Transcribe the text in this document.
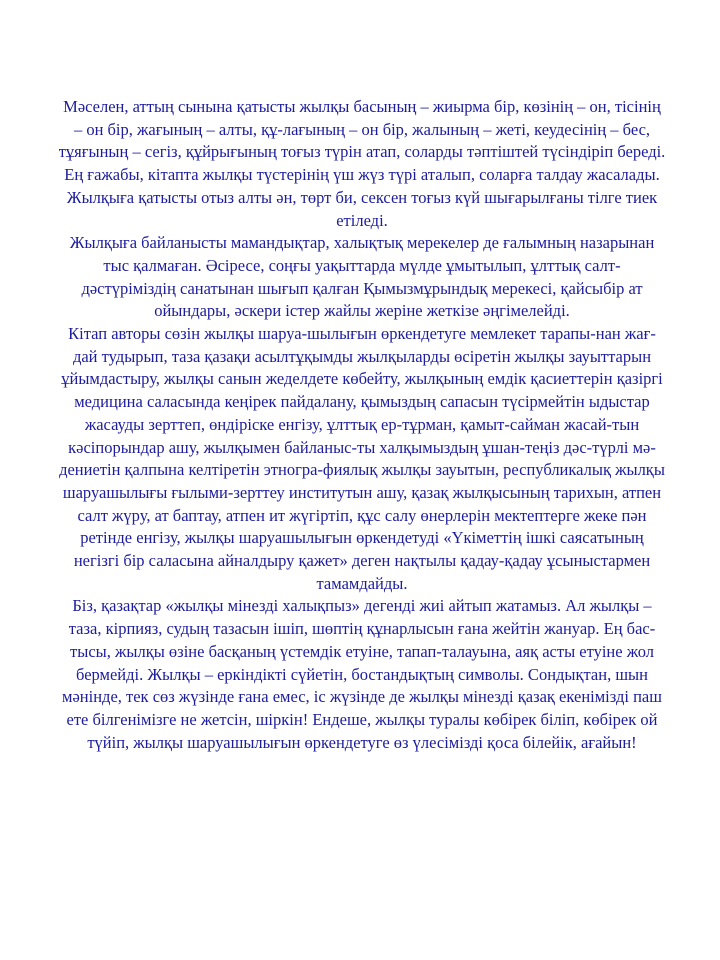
Мәселен, аттың сынына қатысты жылқы басының – жиырма бір, көзінің – он, тісінің – он бір, жағының – алты, құ-лағының – он бір, жалының – жеті, кеудесінің – бес, тұяғының – сегіз, құйрығының тоғыз түрін атап, соларды тәптіштей түсіндіріп береді. Ең ғажабы, кітапта жылқы түстерінің үш жүз түрі аталып, соларға талдау жасалады. Жылқыға қатысты отыз алты ән, төрт би, сексен тоғыз күй шығарылғаны тілге тиек етіледі.

Жылқыға байланысты мамандықтар, халықтық мерекелер де ғалымның назарынан тыс қалмаған. Әсіресе, соңғы уақыттарда мүлде ұмытылып, ұлттық салт-дәстүріміздің санатынан шығып қалған Қымызмұрындық мерекесі, қайсыбір ат ойындары, әскери істер жайлы жеріне жеткізе әңгімелейді.

Кітап авторы сөзін жылқы шаруа-шылығын өркендетуге мемлекет тарапы-нан жағ-дай тудырып, таза қазақи асылтұқымды жылқыларды өсіретін жылқы зауыттарын ұйымдастыру, жылқы санын жеделдете көбейту, жылқының емдік қасиеттерін қазіргі медицина саласында кеңірек пайдалану, қымыздың сапасын түсірмейтін ыдыстар жасауды зерттеп, өндіріске енгізу, ұлттық ер-тұрман, қамыт-сайман жасай-тын кәсіпорындар ашу, жылқымен байланыс-ты халқымыздың ұшан-теңіз дәс-түрлі мә-дениетін қалпына келтіретін этногра-фиялық жылқы зауытын, республикалық жылқы шаруашылығы ғылыми-зерттеу институтын ашу, қазақ жылқысының тарихын, атпен салт жүру, ат баптау, атпен ит жүгіртіп, құс салу өнерлерін мектептерге жеке пән ретінде енгізу, жылқы шаруашылығын өркендетуді «Үкіметтің ішкі саясатының негізгі бір саласына айналдыру қажет» деген нақтылы қадау-қадау ұсыныстармен тамамдайды.

Біз, қазақтар «жылқы мінезді халықпыз» дегенді жиі айтып жатамыз. Ал жылқы – таза, кірпияз, судың тазасын ішіп, шөптің құнарлысын ғана жейтін жануар. Ең бас-тысы, жылқы өзіне басқаның үстемдік етуіне, тапап-талауына, аяқ асты етуіне жол бермейді. Жылқы – еркіндікті сүйетін, бостандықтың символы. Сондықтан, шын мәнінде, тек сөз жүзінде ғана емес, іс жүзінде де жылқы мінезді қазақ екенімізді паш ете білгенімізге не жетсін, шіркін! Ендеше, жылқы туралы көбірек біліп, көбірек ой түйіп, жылқы шаруашылығын өркендетуге өз үлесімізді қоса білейік, ағайын!
